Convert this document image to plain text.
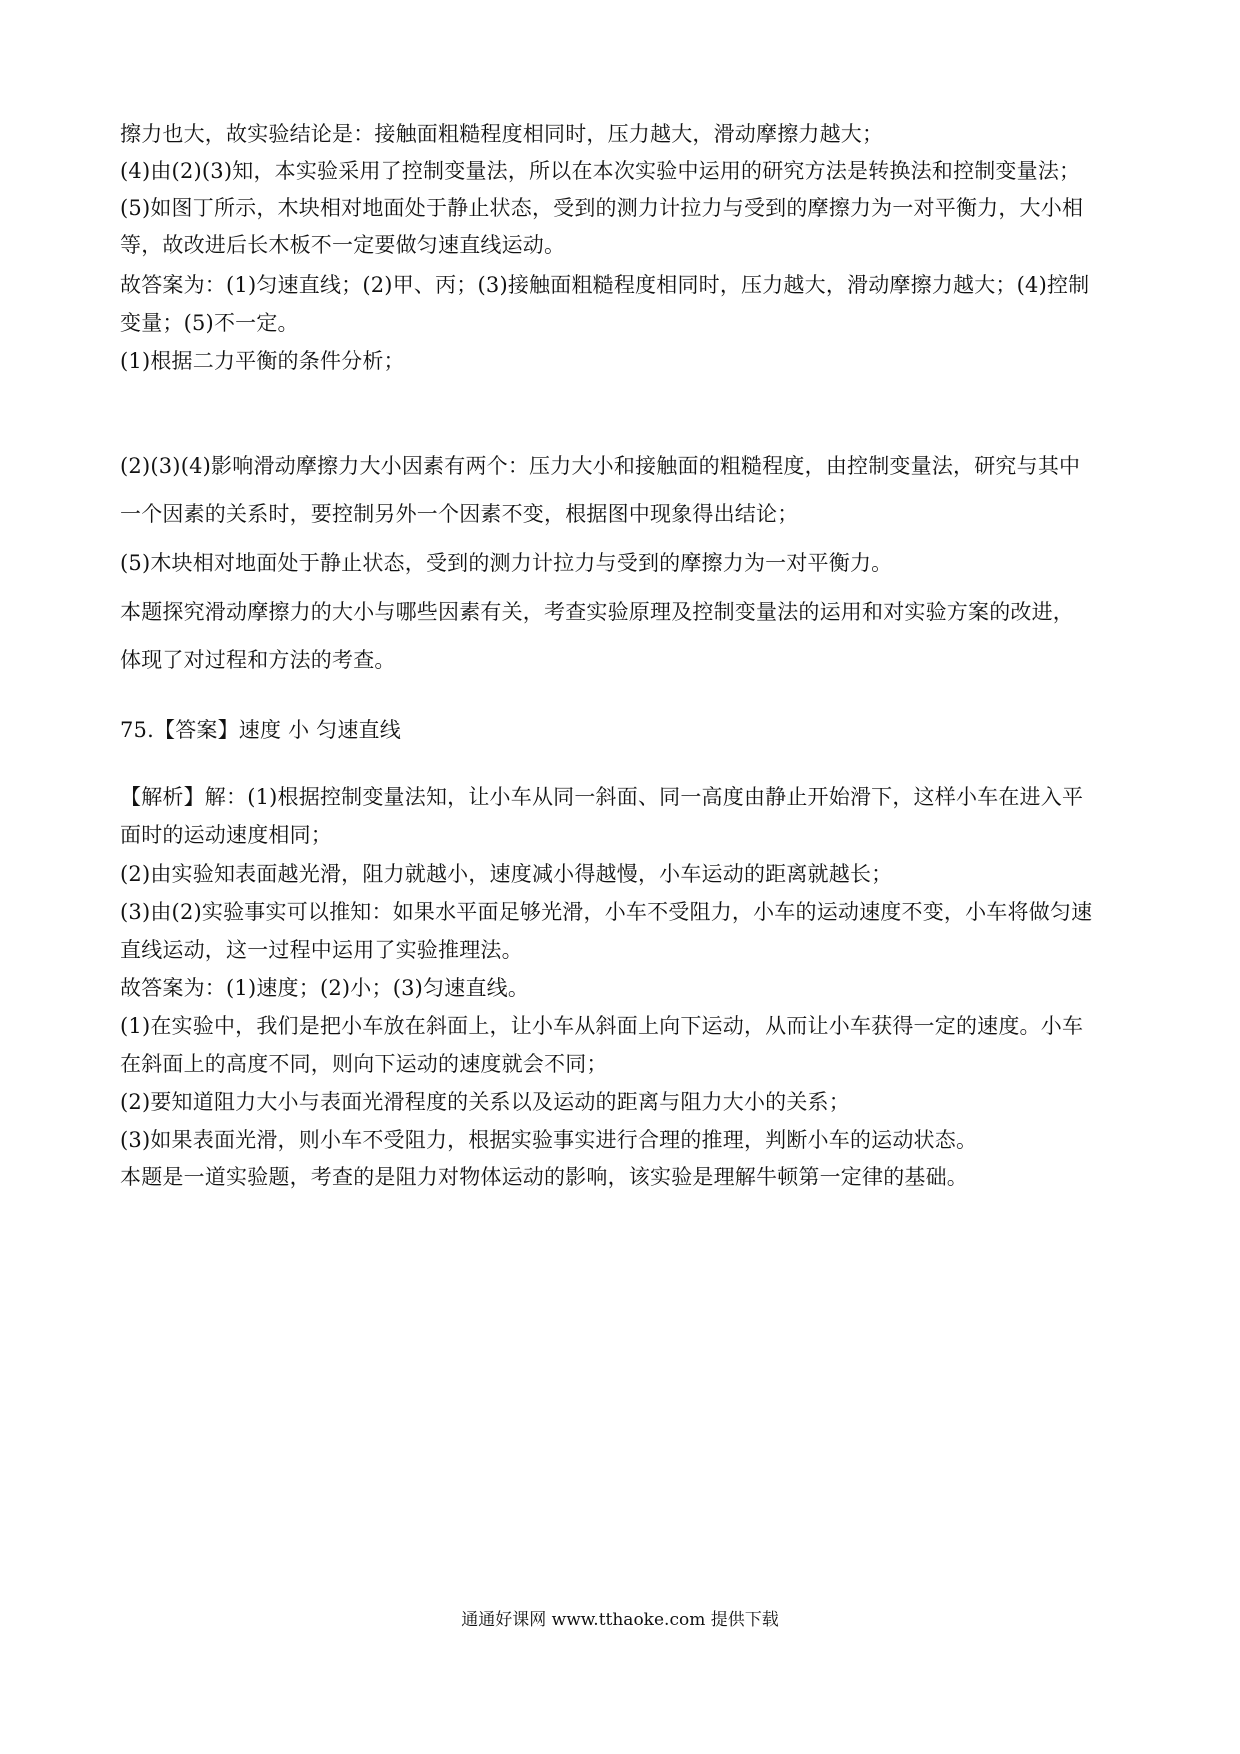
擦力也大，故实验结论是：接触面粗糙程度相同时，压力越大，滑动摩擦力越大；
(4)由(2)(3)知，本实验采用了控制变量法，所以在本次实验中运用的研究方法是转换法和控制变量法；
(5)如图丁所示，木块相对地面处于静止状态，受到的测力计拉力与受到的摩擦力为一对平衡力，大小相
等，故改进后长木板不一定要做匀速直线运动。
故答案为：(1)匀速直线；(2)甲、丙；(3)接触面粗糙程度相同时，压力越大，滑动摩擦力越大；(4)控制
变量；(5)不一定。
(1)根据二力平衡的条件分析；
(2)(3)(4)影响滑动摩擦力大小因素有两个：压力大小和接触面的粗糙程度，由控制变量法，研究与其中
一个因素的关系时，要控制另外一个因素不变，根据图中现象得出结论；
(5)木块相对地面处于静止状态，受到的测力计拉力与受到的摩擦力为一对平衡力。
本题探究滑动摩擦力的大小与哪些因素有关，考查实验原理及控制变量法的运用和对实验方案的改进，
体现了对过程和方法的考查。
75.【答案】速度 小 匀速直线
【解析】解：(1)根据控制变量法知，让小车从同一斜面、同一高度由静止开始滑下，这样小车在进入平
面时的运动速度相同；
(2)由实验知表面越光滑，阻力就越小，速度减小得越慢，小车运动的距离就越长；
(3)由(2)实验事实可以推知：如果水平面足够光滑，小车不受阻力，小车的运动速度不变，小车将做匀速
直线运动，这一过程中运用了实验推理法。
故答案为：(1)速度；(2)小；(3)匀速直线。
(1)在实验中，我们是把小车放在斜面上，让小车从斜面上向下运动，从而让小车获得一定的速度。小车
在斜面上的高度不同，则向下运动的速度就会不同；
(2)要知道阻力大小与表面光滑程度的关系以及运动的距离与阻力大小的关系；
(3)如果表面光滑，则小车不受阻力，根据实验事实进行合理的推理，判断小车的运动状态。
本题是一道实验题，考查的是阻力对物体运动的影响，该实验是理解牛顿第一定律的基础。
通通好课网 www.tthaoke.com 提供下载
